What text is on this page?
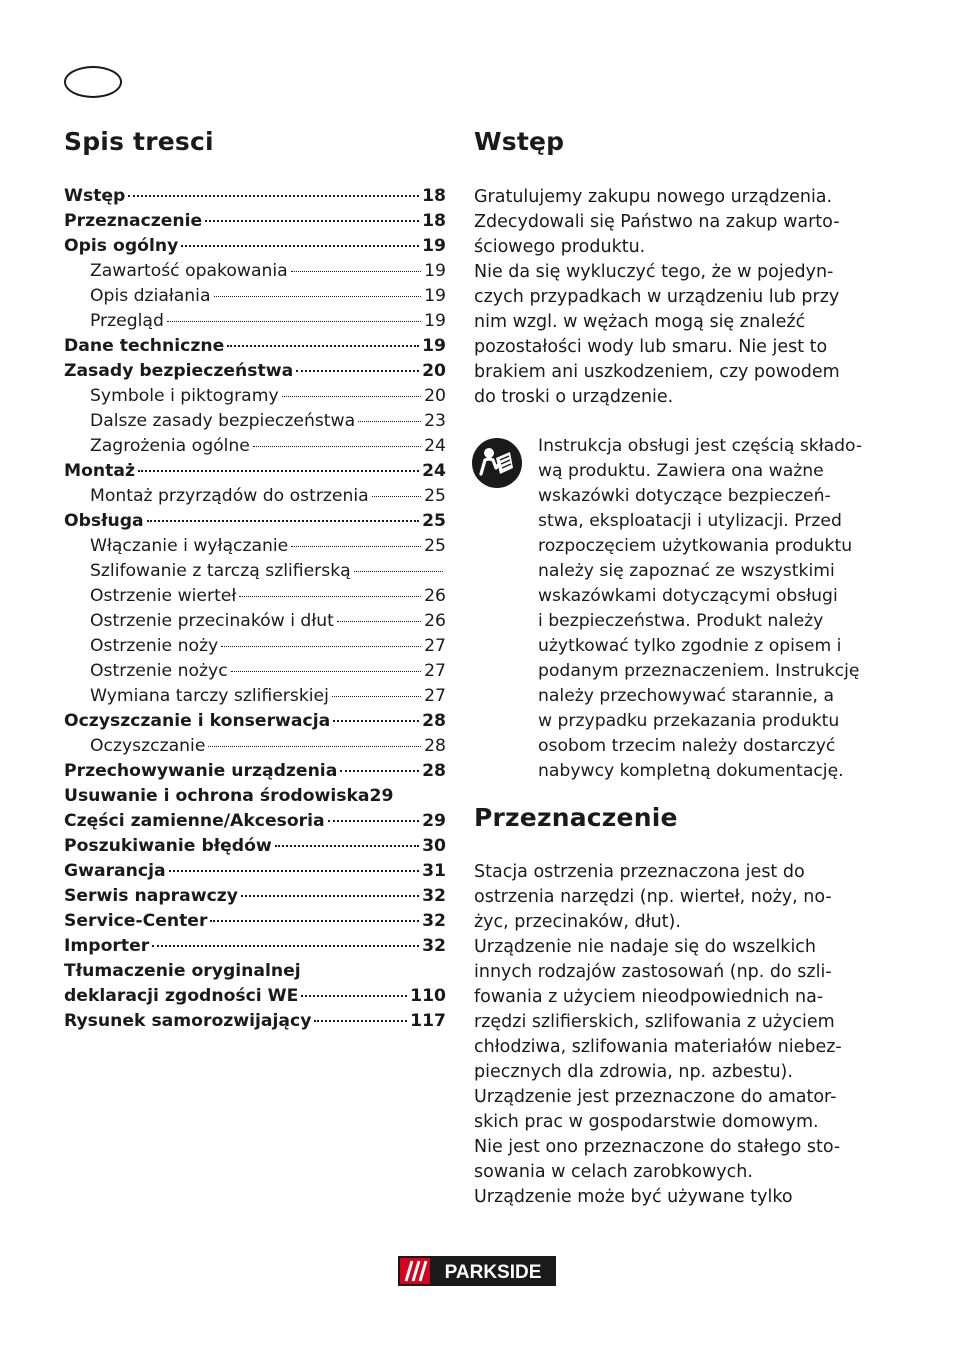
Spis tresci
Wstęp	18
Przeznaczenie	18
Opis ogólny	19
Zawartość opakowania	19
Opis działania	19
Przegląd	19
Dane techniczne	19
Zasady bezpieczeństwa	20
Symbole i piktogramy	20
Dalsze zasady bezpieczeństwa	23
Zagrożenia ogólne	24
Montaż	24
Montaż przyrządów do ostrzenia	25
Obsługa	25
Włączanie i wyłączanie	25
Szlifowanie z tarczą szlifierską
Ostrzenie wierteł	26
Ostrzenie przecinaków i dłut	26
Ostrzenie noży	27
Ostrzenie nożyc	27
Wymiana tarczy szlifierskiej	27
Oczyszczanie i konserwacja	28
Oczyszczanie	28
Przechowywanie urządzenia	28
Usuwanie i ochrona środowiska 29
Części zamienne/Akcesoria	29
Poszukiwanie błędów	30
Gwarancja	31
Serwis naprawczy	32
Service-Center	32
Importer	32
Tłumaczenie oryginalnej
deklaracji zgodności WE	110
Rysunek samorozwijający	117
Wstęp
Gratulujemy zakupu nowego urządzenia.
Zdecydowali się Państwo na zakup warto-
ściowego produktu.
Nie da się wykluczyć tego, że w pojedyn-
czych przypadkach w urządzeniu lub przy
nim wzgl. w wężach mogą się znaleźć
pozostałości wody lub smaru. Nie jest to
brakiem ani uszkodzeniem, czy powodem
do troski o urządzenie.
Instrukcja obsługi jest częścią składo-
wą produktu. Zawiera ona ważne
wskazówki dotyczące bezpieczeń-
stwa, eksploatacji i utylizacji. Przed
rozpoczęciem użytkowania produktu
należy się zapoznać ze wszystkimi
wskazówkami dotyczącymi obsługi
i bezpieczeństwa. Produkt należy
użytkować tylko zgodnie z opisem i
podanym przeznaczeniem. Instrukcję
należy przechowywać starannie, a
w przypadku przekazania produktu
osobom trzecim należy dostarczyć
nabywcy kompletną dokumentację.
Przeznaczenie
Stacja ostrzenia przeznaczona jest do
ostrzenia narzędzi (np. wierteł, noży, no-
życ, przecinaków, dłut).
Urządzenie nie nadaje się do wszelkich
innych rodzajów zastosowań (np. do szli-
fowania z użyciem nieodpowiednich na-
rzędzi szlifierskich, szlifowania z użyciem
chłodziwa, szlifowania materiałów niebez-
piecznych dla zdrowia, np. azbestu).
Urządzenie jest przeznaczone do amator-
skich prac w gospodarstwie domowym.
Nie jest ono przeznaczone do stałego sto-
sowania w celach zarobkowych.
Urządzenie może być używane tylko
PARKSIDE
